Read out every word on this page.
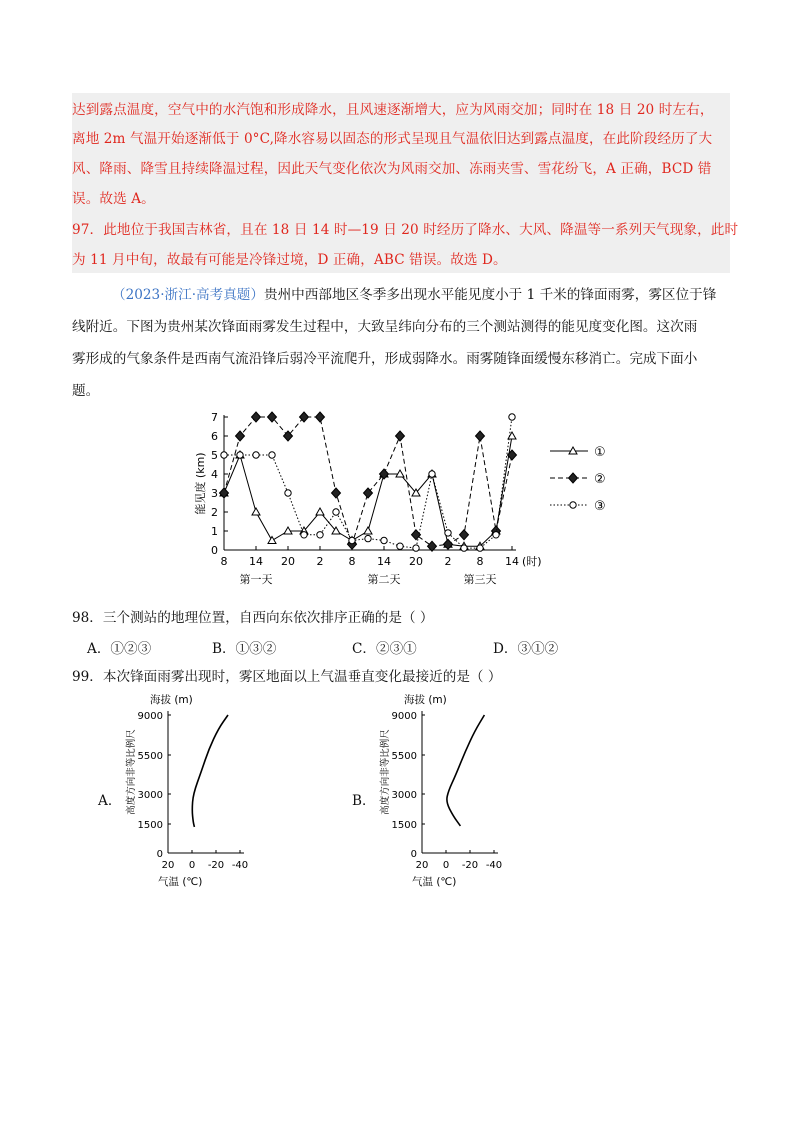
达到露点温度，空气中的水汽饱和形成降水，且风速逐渐增大，应为风雨交加；同时在 18 日 20 时左右，
离地 2m 气温开始逐渐低于 0°C,降水容易以固态的形式呈现且气温依旧达到露点温度，在此阶段经历了大
风、降雨、降雪且持续降温过程，因此天气变化依次为风雨交加、冻雨夹雪、雪花纷飞，A 正确，BCD 错
误。故选 A。
97．此地位于我国吉林省，且在 18 日 14 时—19 日 20 时经历了降水、大风、降温等一系列天气现象，此时
为 11 月中旬，故最有可能是冷锋过境，D 正确，ABC 错误。故选 D。
（2023·浙江·高考真题）贵州中西部地区冬季多出现水平能见度小于 1 千米的锋面雨雾，雾区位于锋
线附近。下图为贵州某次锋面雨雾发生过程中，大致呈纬向分布的三个测站测得的能见度变化图。这次雨
雾形成的气象条件是西南气流沿锋后弱冷平流爬升，形成弱降水。雨雾随锋面缓慢东移消亡。完成下面小
题。
0
1
2
3
4
5
6
7
8 14 20 2 8 14 20 2 8 14 (时)
第一天	第二天	第三天
能见度 (km)	①
②
③
98．三个测站的地理位置，自西向东依次排序正确的是（ ）
A．①②③	B．①③②	C．②③①	D．③①②
99．本次锋面雨雾出现时，雾区地面以上气温垂直变化最接近的是（ ）
A．
海拔 (m)
9000
5500
3000
1500
0
20 0 -20 -40
气温 (℃)
高度方向非等比例尺	B．
海拔 (m)
9000
5500
3000
1500
0
20 0 -20 -40
气温 (℃)
高度方向非等比例尺
